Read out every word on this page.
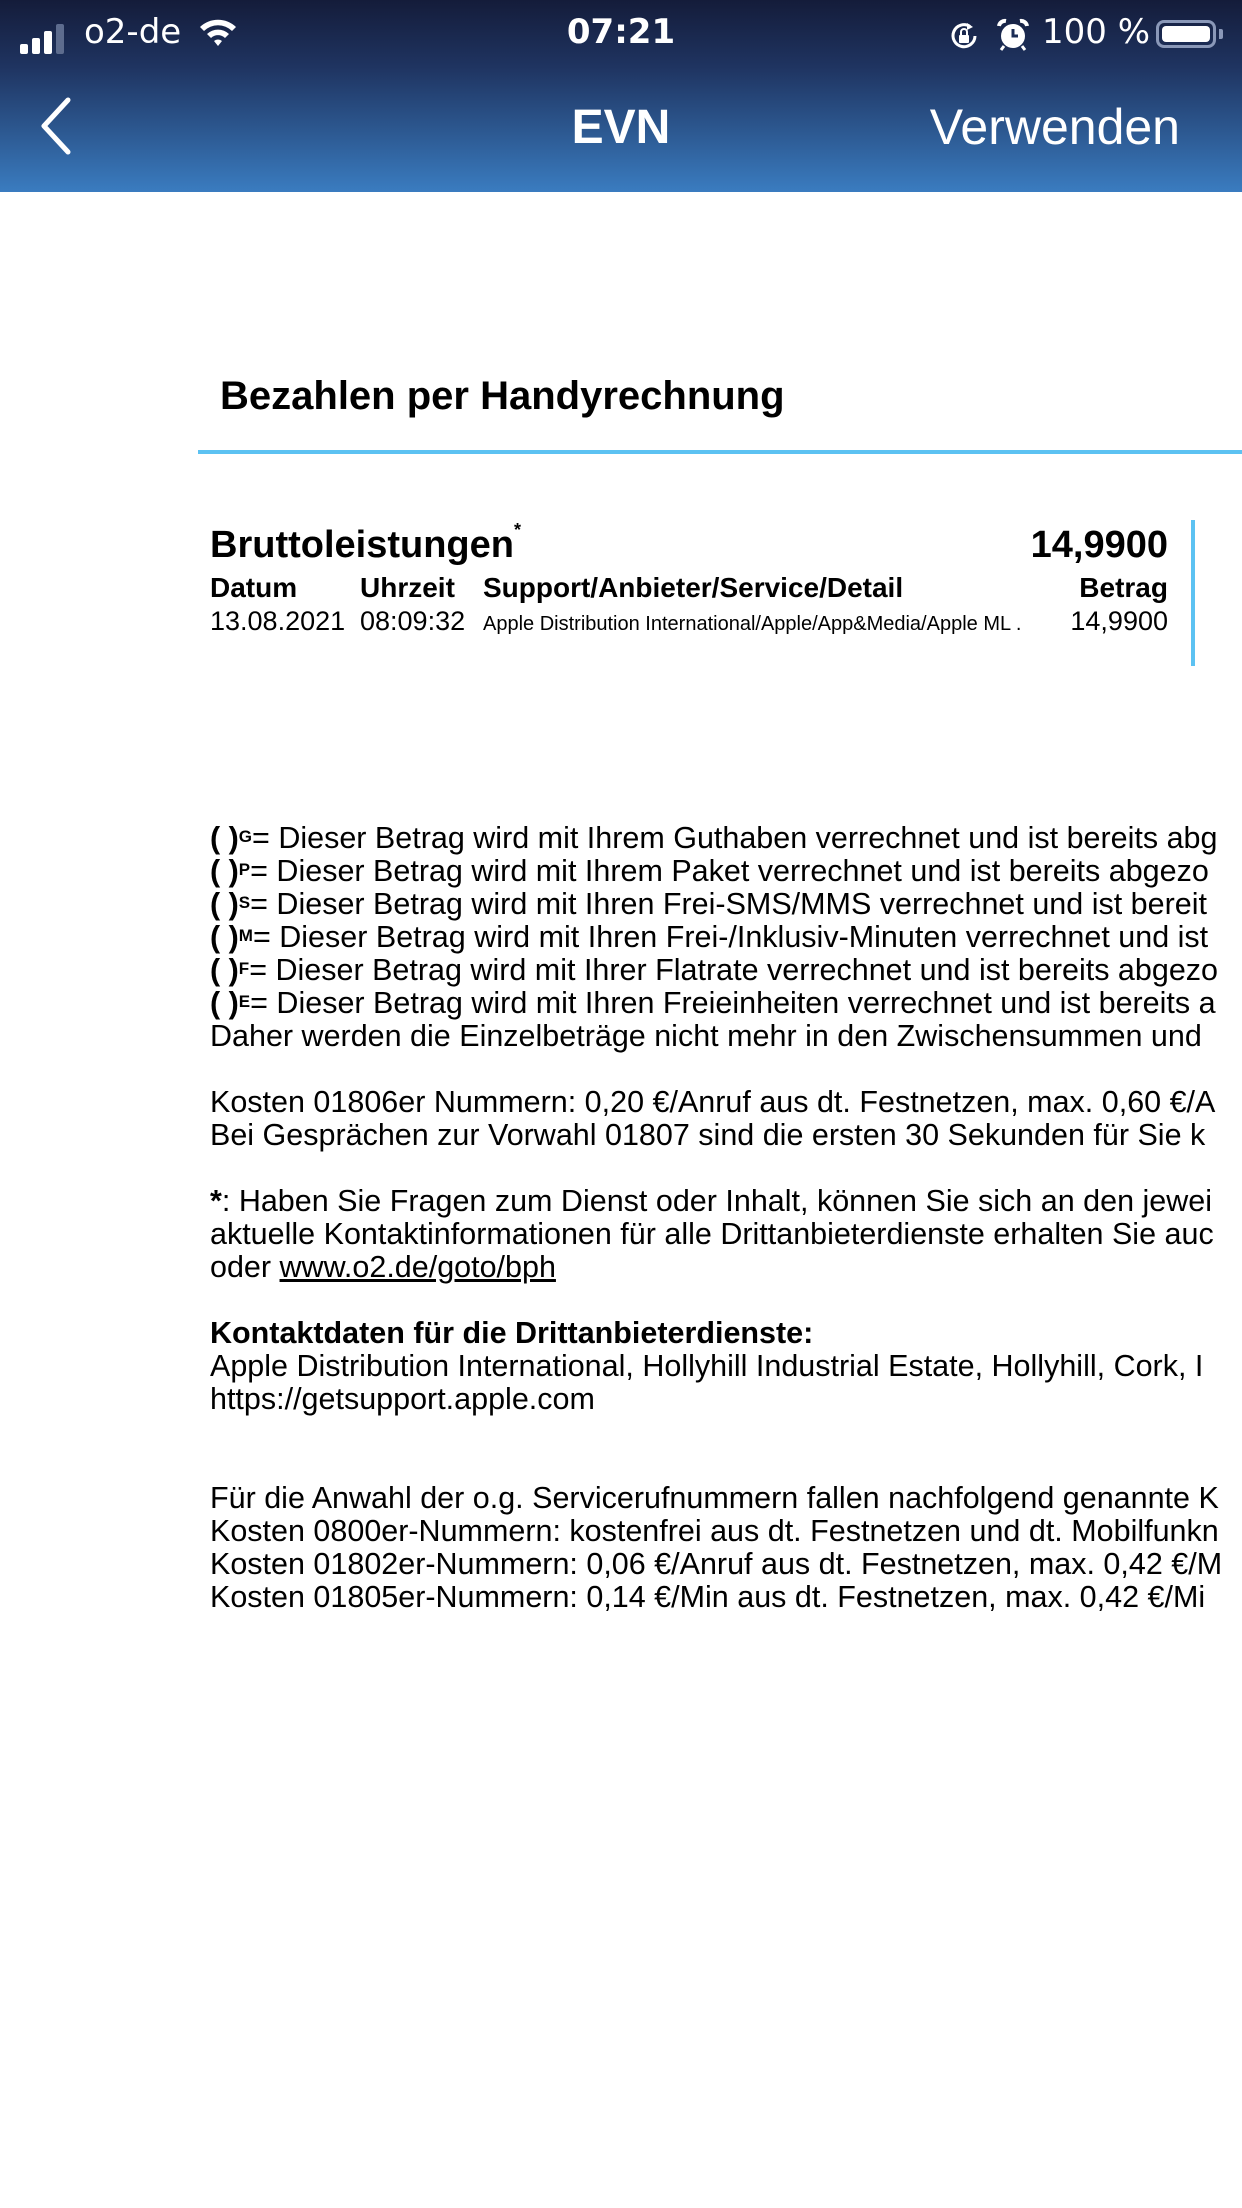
o2-de	07:21	100 %
EVN	Verwenden
Bezahlen per Handyrechnung
Bruttoleistungen*	14,9900
Datum Uhrzeit Support/Anbieter/Service/Detail	Betrag
13.08.2021 08:09:32 Apple Distribution International/Apple/App&Media/Apple ML . 14,9900
( )$^G$= Dieser Betrag wird mit Ihrem Guthaben verrechnet und ist bereits abg
( )$^P$= Dieser Betrag wird mit Ihrem Paket verrechnet und ist bereits abgezo
( )$^S$= Dieser Betrag wird mit Ihren Frei-SMS/MMS verrechnet und ist bereit
( )$^M$= Dieser Betrag wird mit Ihren Frei-/Inklusiv-Minuten verrechnet und ist
( )$^F$= Dieser Betrag wird mit Ihrer Flatrate verrechnet und ist bereits abgezo
( )$^E$= Dieser Betrag wird mit Ihren Freieinheiten verrechnet und ist bereits a
Daher werden die Einzelbeträge nicht mehr in den Zwischensummen und
Kosten 01806er Nummern: 0,20 €/Anruf aus dt. Festnetzen, max. 0,60 €/A
Bei Gesprächen zur Vorwahl 01807 sind die ersten 30 Sekunden für Sie k
*: Haben Sie Fragen zum Dienst oder Inhalt, können Sie sich an den jewei
aktuelle Kontaktinformationen für alle Drittanbieterdienste erhalten Sie auc
oder www.o2.de/goto/bph
Kontaktdaten für die Drittanbieterdienste:
Apple Distribution International, Hollyhill Industrial Estate, Hollyhill, Cork, I
https://getsupport.apple.com
Für die Anwahl der o.g. Servicerufnummern fallen nachfolgend genannte K
Kosten 0800er-Nummern: kostenfrei aus dt. Festnetzen und dt. Mobilfunkn
Kosten 01802er-Nummern: 0,06 €/Anruf aus dt. Festnetzen, max. 0,42 €/M
Kosten 01805er-Nummern: 0,14 €/Min aus dt. Festnetzen, max. 0,42 €/Mi
